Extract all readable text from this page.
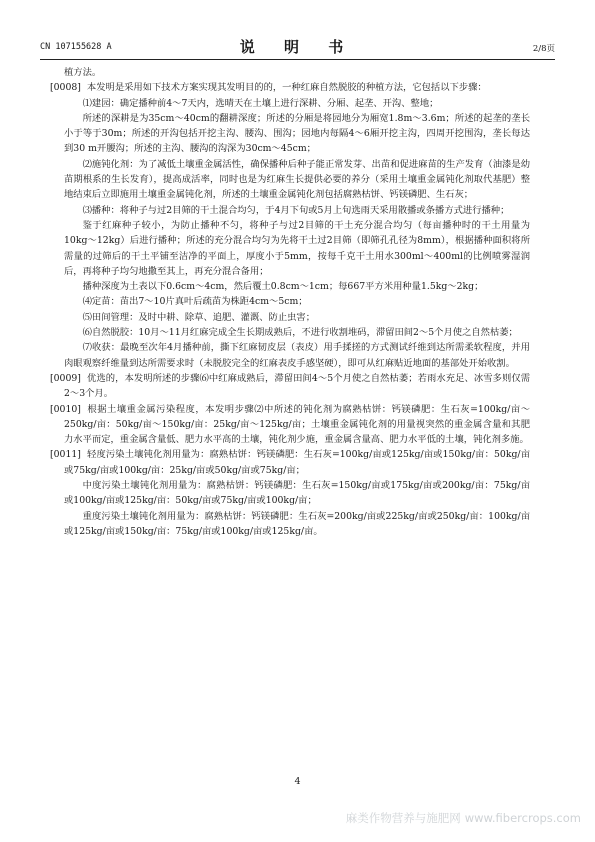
CN 107155628 A	说 明 书	2/8页

植方法。

[0008] 本发明是采用如下技术方案实现其发明目的的，一种红麻自然脱胶的种植方法，它包括以下步骤：

⑴建园：确定播种前4～7天内，选晴天在土壤上进行深耕、分厢、起垄、开沟、整地；

所述的深耕是为35cm～40cm的翻耕深度；所述的分厢是将园地分为厢宽1.8m～3.6m；所述的起垄的垄长小于等于30m；所述的开沟包括开挖主沟、腰沟、围沟；园地内每隔4～6厢开挖主沟，四周开挖围沟，垄长每达到30 m开腰沟；所述的主沟、腰沟的沟深为30cm～45cm；

⑵施钝化剂：为了减低土壤重金属活性，确保播种后种子能正常发芽、出苗和促进麻苗的生产发育（油漆是幼苗期根系的生长发育），提高成活率，同时也是为红麻生长提供必要的养分（采用土壤重金属钝化剂取代基肥）整地结束后立即施用土壤重金属钝化剂，所述的土壤重金属钝化剂包括腐熟枯饼、钙镁磷肥、生石灰；

⑶播种：将种子与过2目筛的干土混合均匀，于4月下旬或5月上旬选雨天采用散播或条播方式进行播种；

鉴于红麻种子较小，为防止播种不匀，将种子与过2目筛的干土充分混合均匀（每亩播种时的干土用量为10kg～12kg）后进行播种；所述的充分混合均匀为先将干土过2目筛（即筛孔孔径为8mm），根据播种面积将所需量的过筛后的干土平铺至洁净的平面上，厚度小于5mm，按每千克干土用水300ml～400ml的比例喷雾湿润后，再将种子均匀地撒至其上，再充分混合备用；

播种深度为土表以下0.6cm～4cm，然后覆土0.8cm～1cm；每667平方米用种量1.5kg～2kg；

⑷定苗：苗出7～10片真叶后疏苗为株距4cm～5cm；

⑸田间管理：及时中耕、除草、追肥、灌溉、防止虫害；

⑹自然脱胶：10月～11月红麻完成全生长期成熟后，不进行收割堆码，滞留田间2～5个月使之自然枯萎；

⑺收获：最晚至次年4月播种前，撕下红麻韧皮层（表皮）用手揉搓的方式测试纤维到达所需柔软程度，并用肉眼观察纤维量到达所需要求时（未脱胶完全的红麻表皮手感坚硬），即可从红麻贴近地面的基部处开始收割。

[0009] 优选的，本发明所述的步骤⑹中红麻成熟后，滞留田间4～5个月使之自然枯萎；若雨水充足、冰雪多则仅需2～3个月。

[0010] 根据土壤重金属污染程度，本发明步骤⑵中所述的钝化剂为腐熟枯饼：钙镁磷肥：生石灰=100kg/亩～250kg/亩：50kg/亩～150kg/亩：25kg/亩～125kg/亩；土壤重金属钝化剂的用量视突然的重金属含量和其肥力水平而定，重金属含量低、肥力水平高的土壤，钝化剂少施，重金属含量高、肥力水平低的土壤，钝化剂多施。

[0011] 轻度污染土壤钝化剂用量为：腐熟枯饼：钙镁磷肥：生石灰=100kg/亩或125kg/亩或150kg/亩：50kg/亩或75kg/亩或100kg/亩：25kg/亩或50kg/亩或75kg/亩；

中度污染土壤钝化剂用量为：腐熟枯饼：钙镁磷肥：生石灰=150kg/亩或175kg/亩或200kg/亩：75kg/亩或100kg/亩或125kg/亩：50kg/亩或75kg/亩或100kg/亩；

重度污染土壤钝化剂用量为：腐熟枯饼：钙镁磷肥：生石灰=200kg/亩或225kg/亩或250kg/亩：100kg/亩或125kg/亩或150kg/亩：75kg/亩或100kg/亩或125kg/亩。

4
麻类作物营养与施肥网 www.fibercrops.com
